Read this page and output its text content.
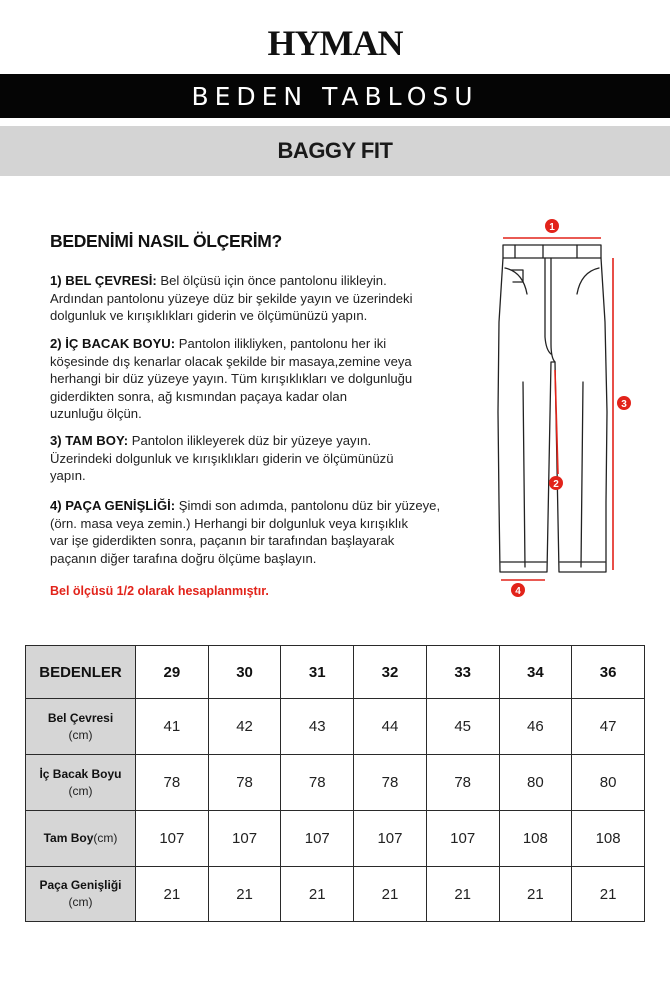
HYMAN
BEDEN TABLOSU
BAGGY FIT
BEDENİMİ NASIL ÖLÇERİM?
1) BEL ÇEVRESİ: Bel ölçüsü için önce pantolonu ilikleyin.
Ardından pantolonu yüzeye düz bir şekilde yayın ve üzerindeki
dolgunluk ve kırışıklıkları giderin ve ölçümünüzü yapın.
2) İÇ BACAK BOYU: Pantolon ilikliyken, pantolonu her iki
köşesinde dış kenarlar olacak şekilde bir masaya,zemine veya
herhangi bir düz yüzeye yayın. Tüm kırışıklıkları ve dolgunluğu
giderdikten sonra, ağ kısmından paçaya kadar olan
uzunluğu ölçün.
3) TAM BOY: Pantolon ilikleyerek düz bir yüzeye yayın.
Üzerindeki dolgunluk ve kırışıklıkları giderin ve ölçümünüzü
yapın.
4) PAÇA GENİŞLİĞİ: Şimdi son adımda, pantolonu düz bir yüzeye,
(örn. masa veya zemin.) Herhangi bir dolgunluk veya kırışıklık
var işe giderdikten sonra, paçanın bir tarafından başlayarak
paçanın diğer tarafına doğru ölçüme başlayın.
Bel ölçüsü 1/2 olarak hesaplanmıştır.
1
2
3
4
BEDENLER	29	30	31	32	33	34	36
Bel Çevresi
(cm)	41	42	43	44	45	46	47
İç Bacak Boyu
(cm)	78	78	78	78	78	80	80
Tam Boy(cm)	107	107	107	107	107	108	108
Paça Genişliği
(cm)	21	21	21	21	21	21	21
